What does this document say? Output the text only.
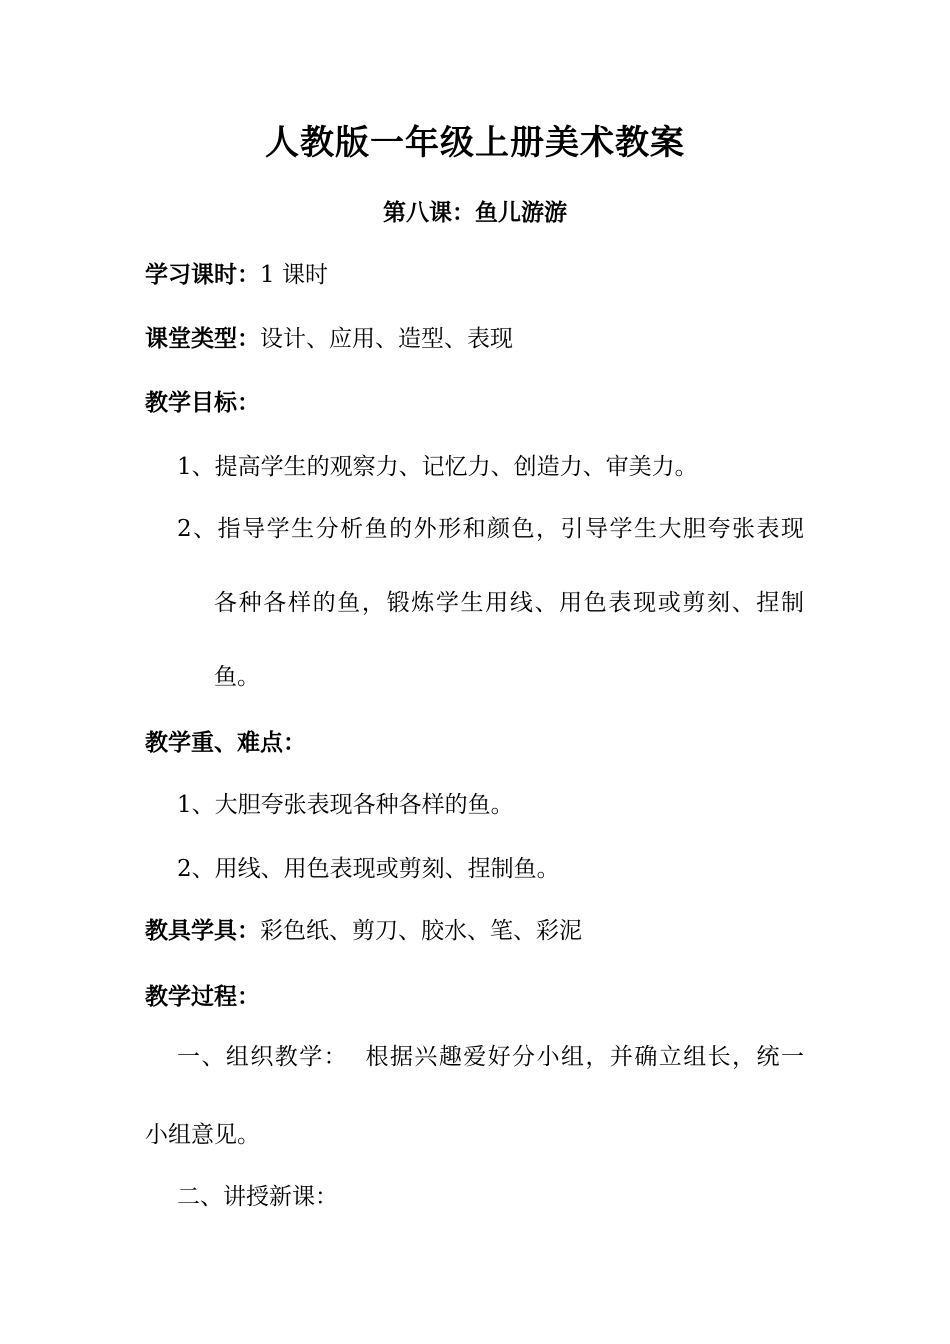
人教版一年级上册美术教案
第八课：鱼儿游游
学习课时：1 课时
课堂类型：设计、应用、造型、表现
教学目标：
1、提高学生的观察力、记忆力、创造力、审美力。
2、指导学生分析鱼的外形和颜色，引导学生大胆夸张表现
各种各样的鱼，锻炼学生用线、用色表现或剪刻、捏制
鱼。
教学重、难点：
1、大胆夸张表现各种各样的鱼。
2、用线、用色表现或剪刻、捏制鱼。
教具学具：彩色纸、剪刀、胶水、笔、彩泥
教学过程：
一、组织教学：  根据兴趣爱好分小组，并确立组长，统一
小组意见。
二、讲授新课：
